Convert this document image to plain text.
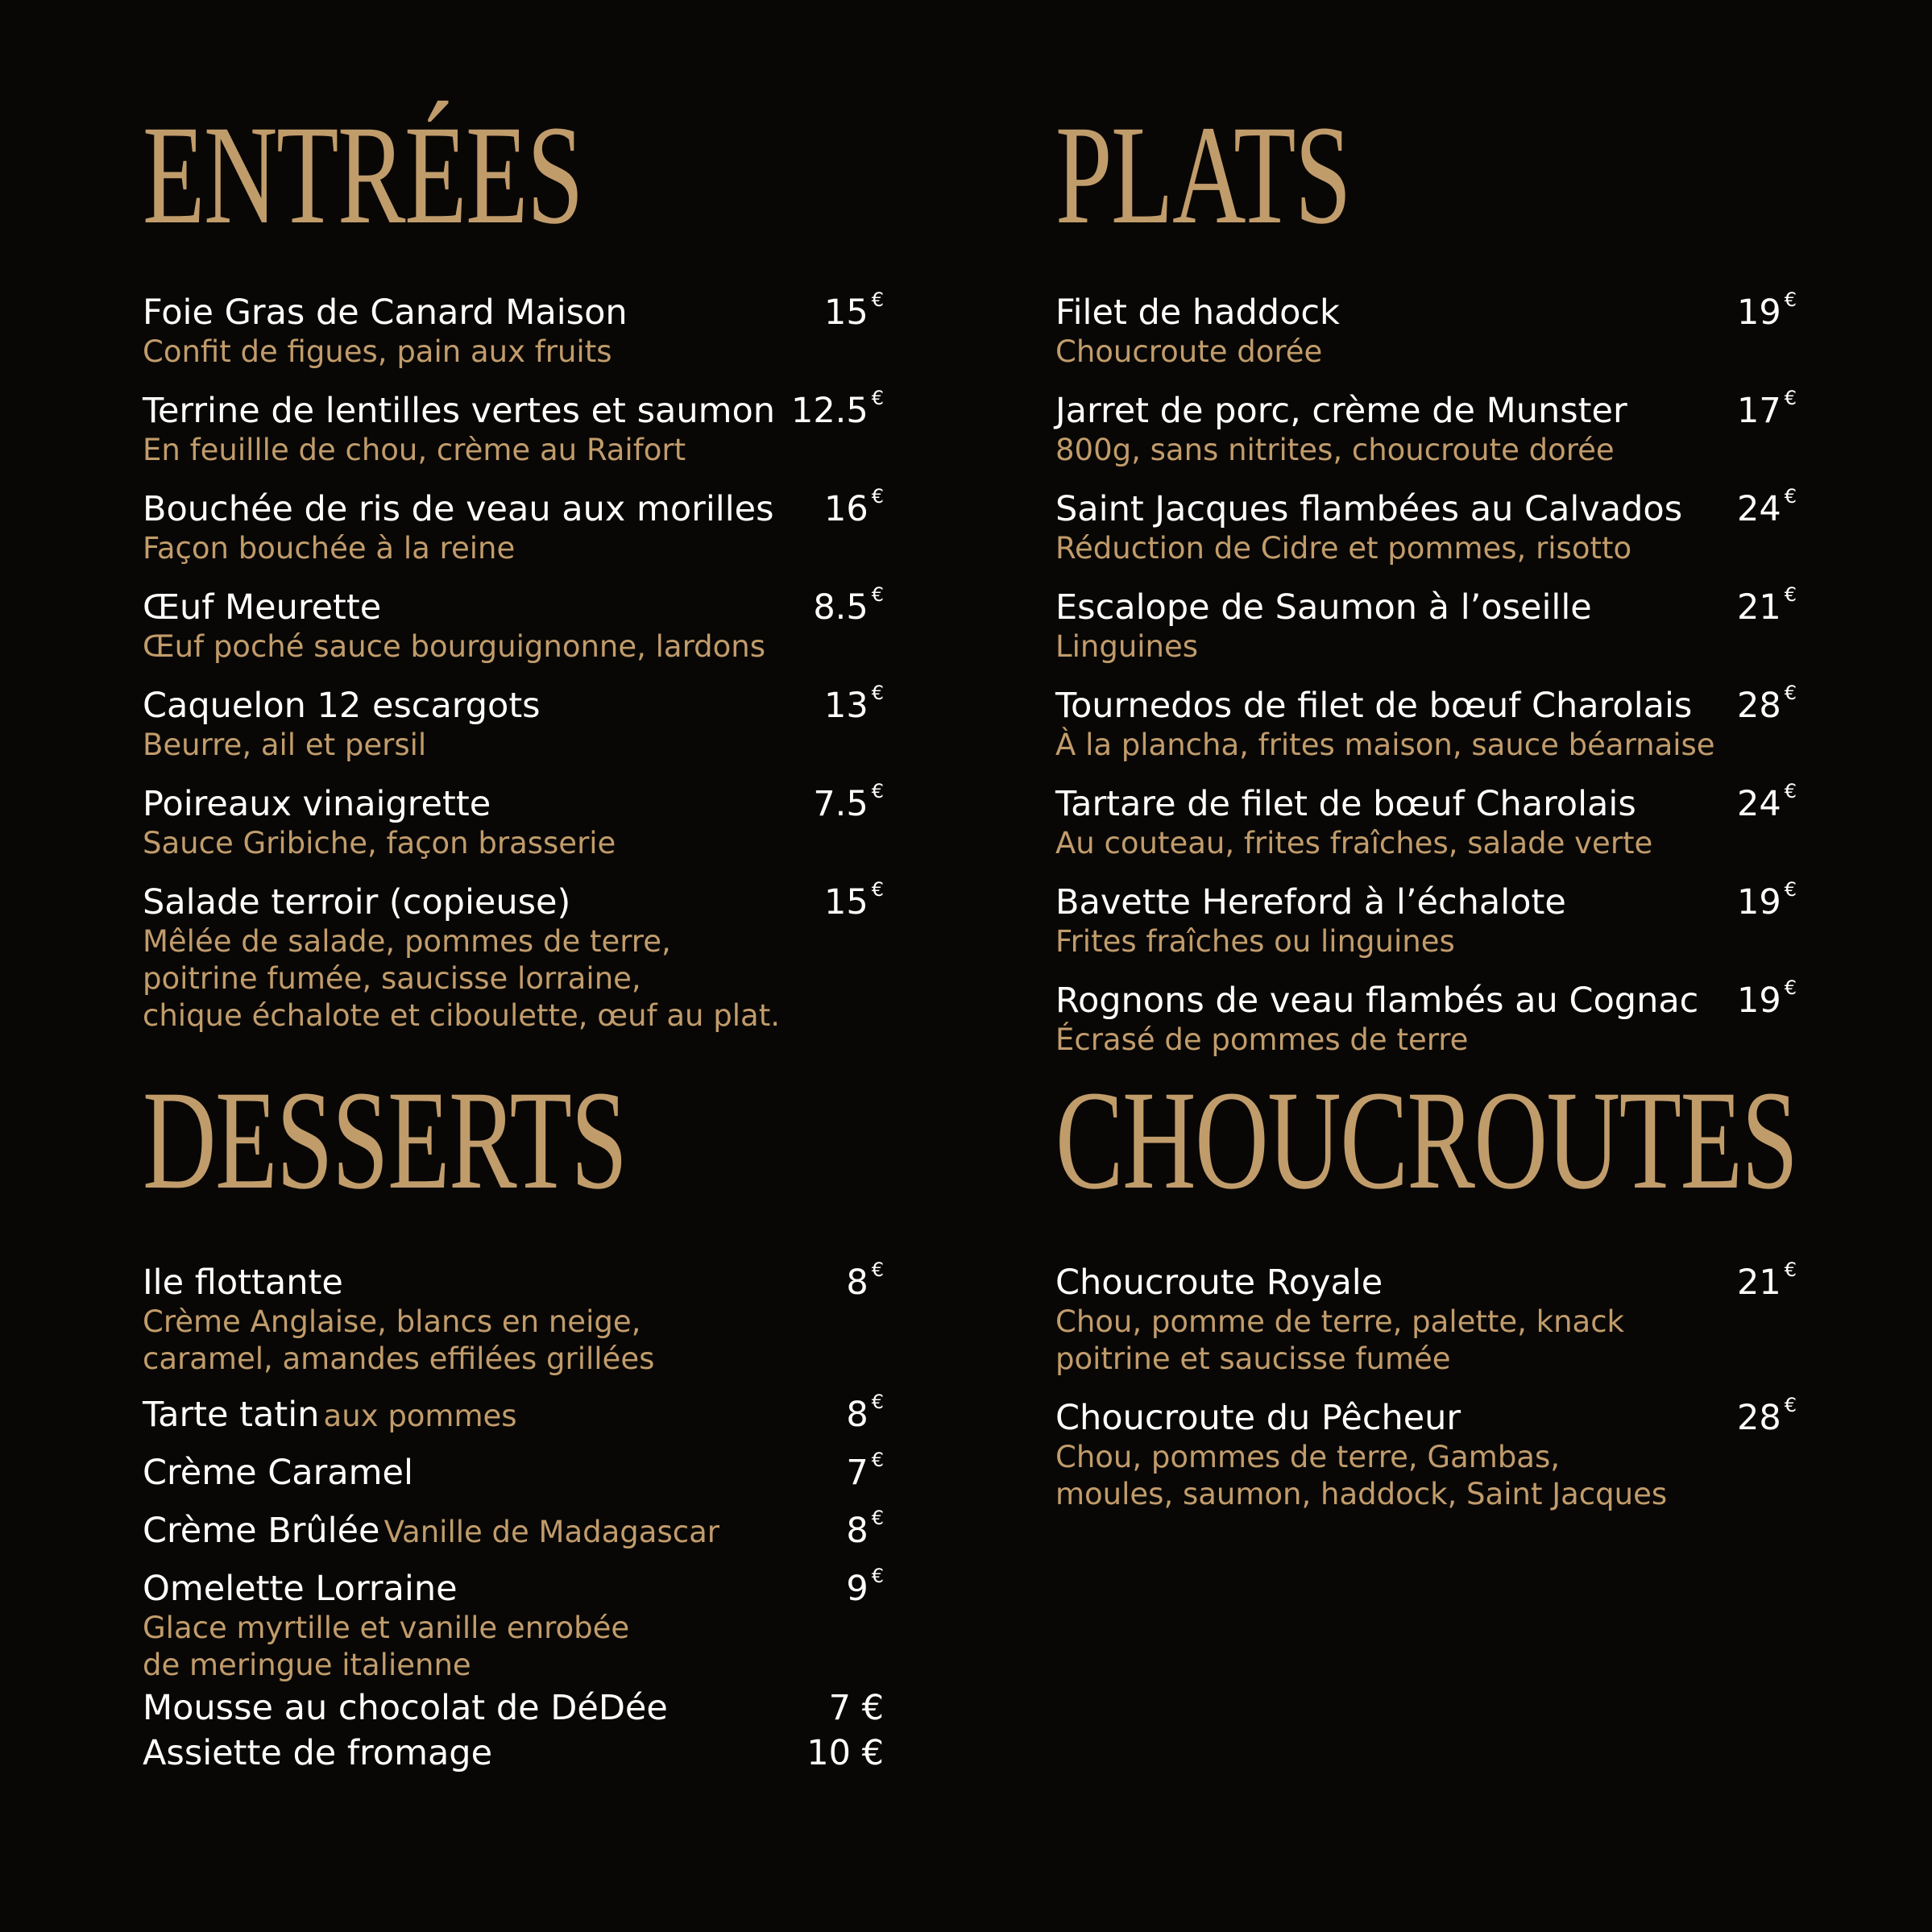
ENTRÉES
Foie Gras de Canard Maison	15 €
Confit de figues, pain aux fruits
Terrine de lentilles vertes et saumon 12.5 €
En feuillle de chou, crème au Raifort
Bouchée de ris de veau aux morilles 16 €
Façon bouchée à la reine
Œuf Meurette	8.5 €
Œuf poché sauce bourguignonne, lardons
Caquelon 12 escargots	13 €
Beurre, ail et persil
Poireaux vinaigrette	7.5 €
Sauce Gribiche, façon brasserie
Salade terroir (copieuse)	15 €
Mêlée de salade, pommes de terre,
poitrine fumée, saucisse lorraine,
chique échalote et ciboulette, œuf au plat.
PLATS
Filet de haddock	19 €
Choucroute dorée
Jarret de porc, crème de Munster	17 €
800g, sans nitrites, choucroute dorée
Saint Jacques flambées au Calvados 24 €
Réduction de Cidre et pommes, risotto
Escalope de Saumon à l’oseille	21 €
Linguines
Tournedos de filet de bœuf Charolais 28 €
À la plancha, frites maison, sauce béarnaise
Tartare de filet de bœuf Charolais	24 €
Au couteau, frites fraîches, salade verte
Bavette Hereford à l’échalote	19 €
Frites fraîches ou linguines
Rognons de veau flambés au Cognac 19 €
Écrasé de pommes de terre
DESSERTS
Ile flottante	8 €
Crème Anglaise, blancs en neige,
caramel, amandes effilées grillées
Tarte tatin aux pommes	8 €
Crème Caramel	7 €
Crème Brûlée Vanille de Madagascar	8 €
Omelette Lorraine	9 €
Glace myrtille et vanille enrobée
de meringue italienne
Mousse au chocolat de DéDée	7 €
Assiette de fromage	10 €
CHOUCROUTES
Choucroute Royale	21 €
Chou, pomme de terre, palette, knack
poitrine et saucisse fumée
Choucroute du Pêcheur	28 €
Chou, pommes de terre, Gambas,
moules, saumon, haddock, Saint Jacques
